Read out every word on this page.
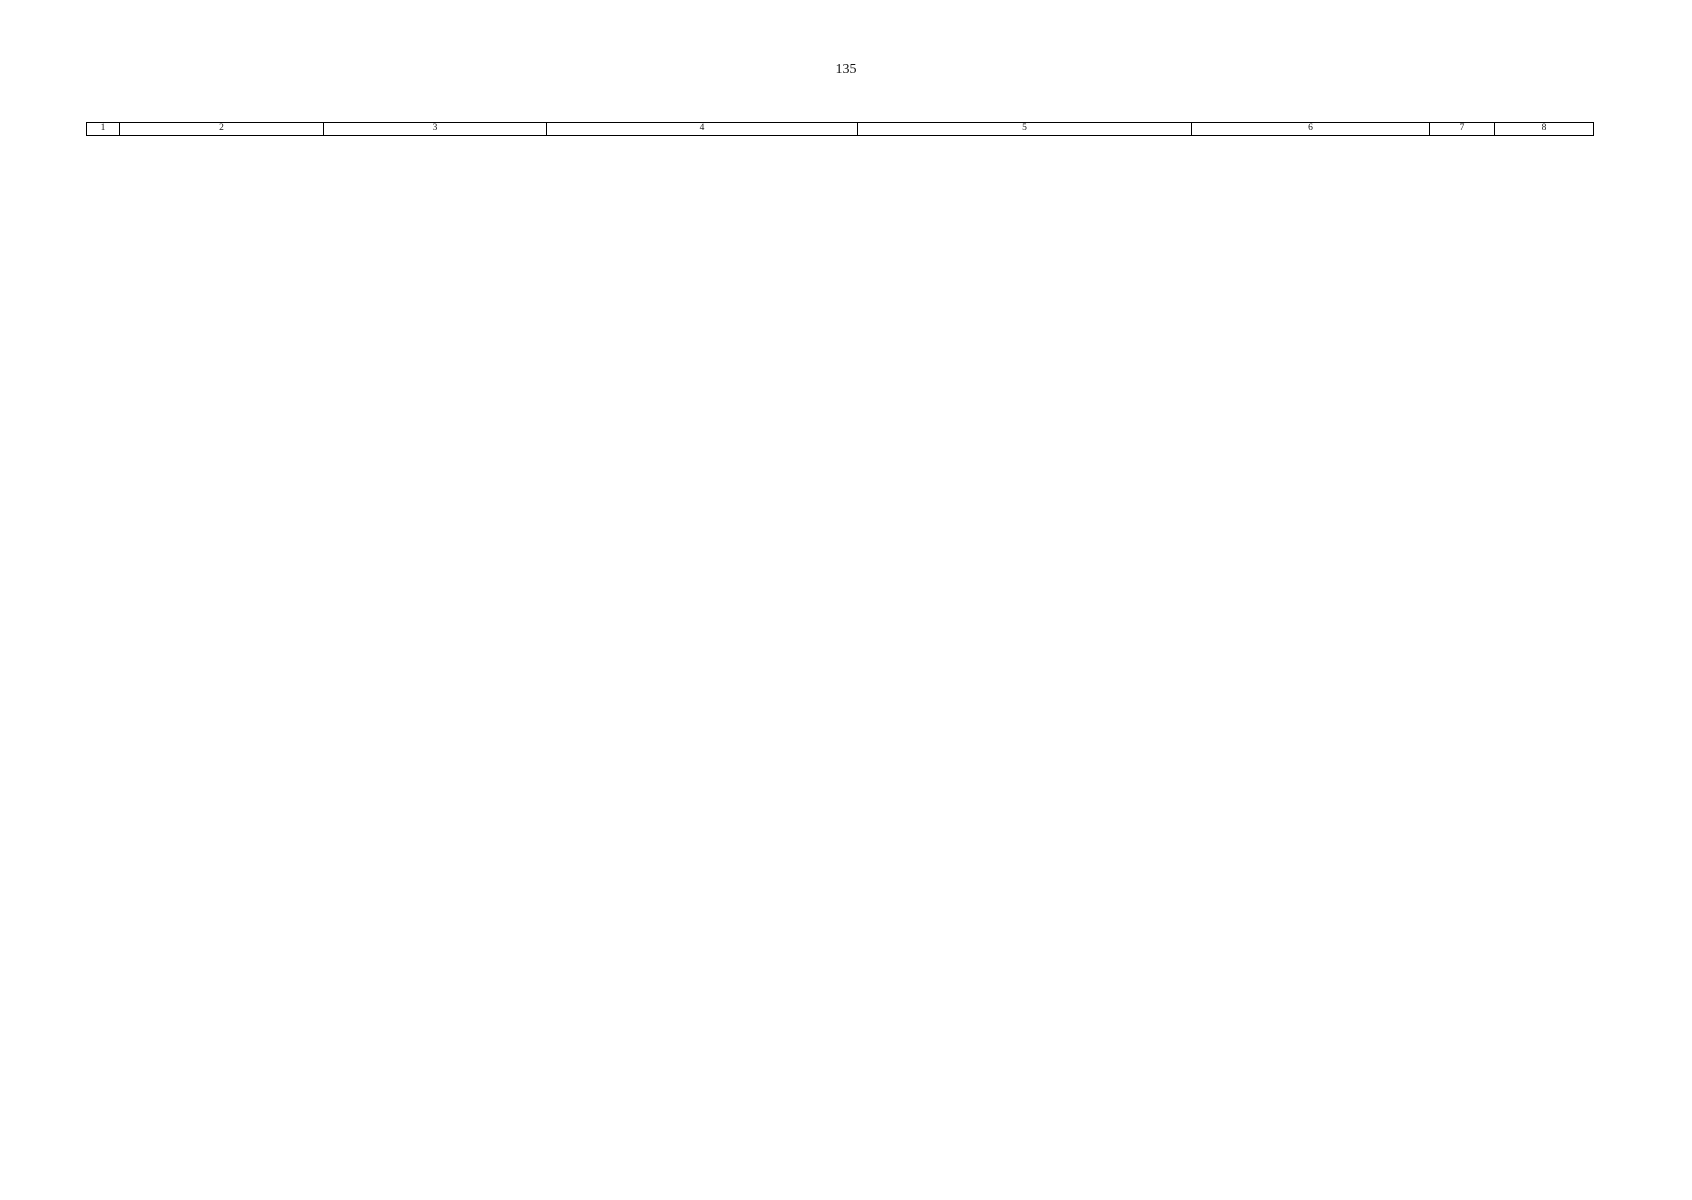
135
1	2	3	4	5	6	7	8
